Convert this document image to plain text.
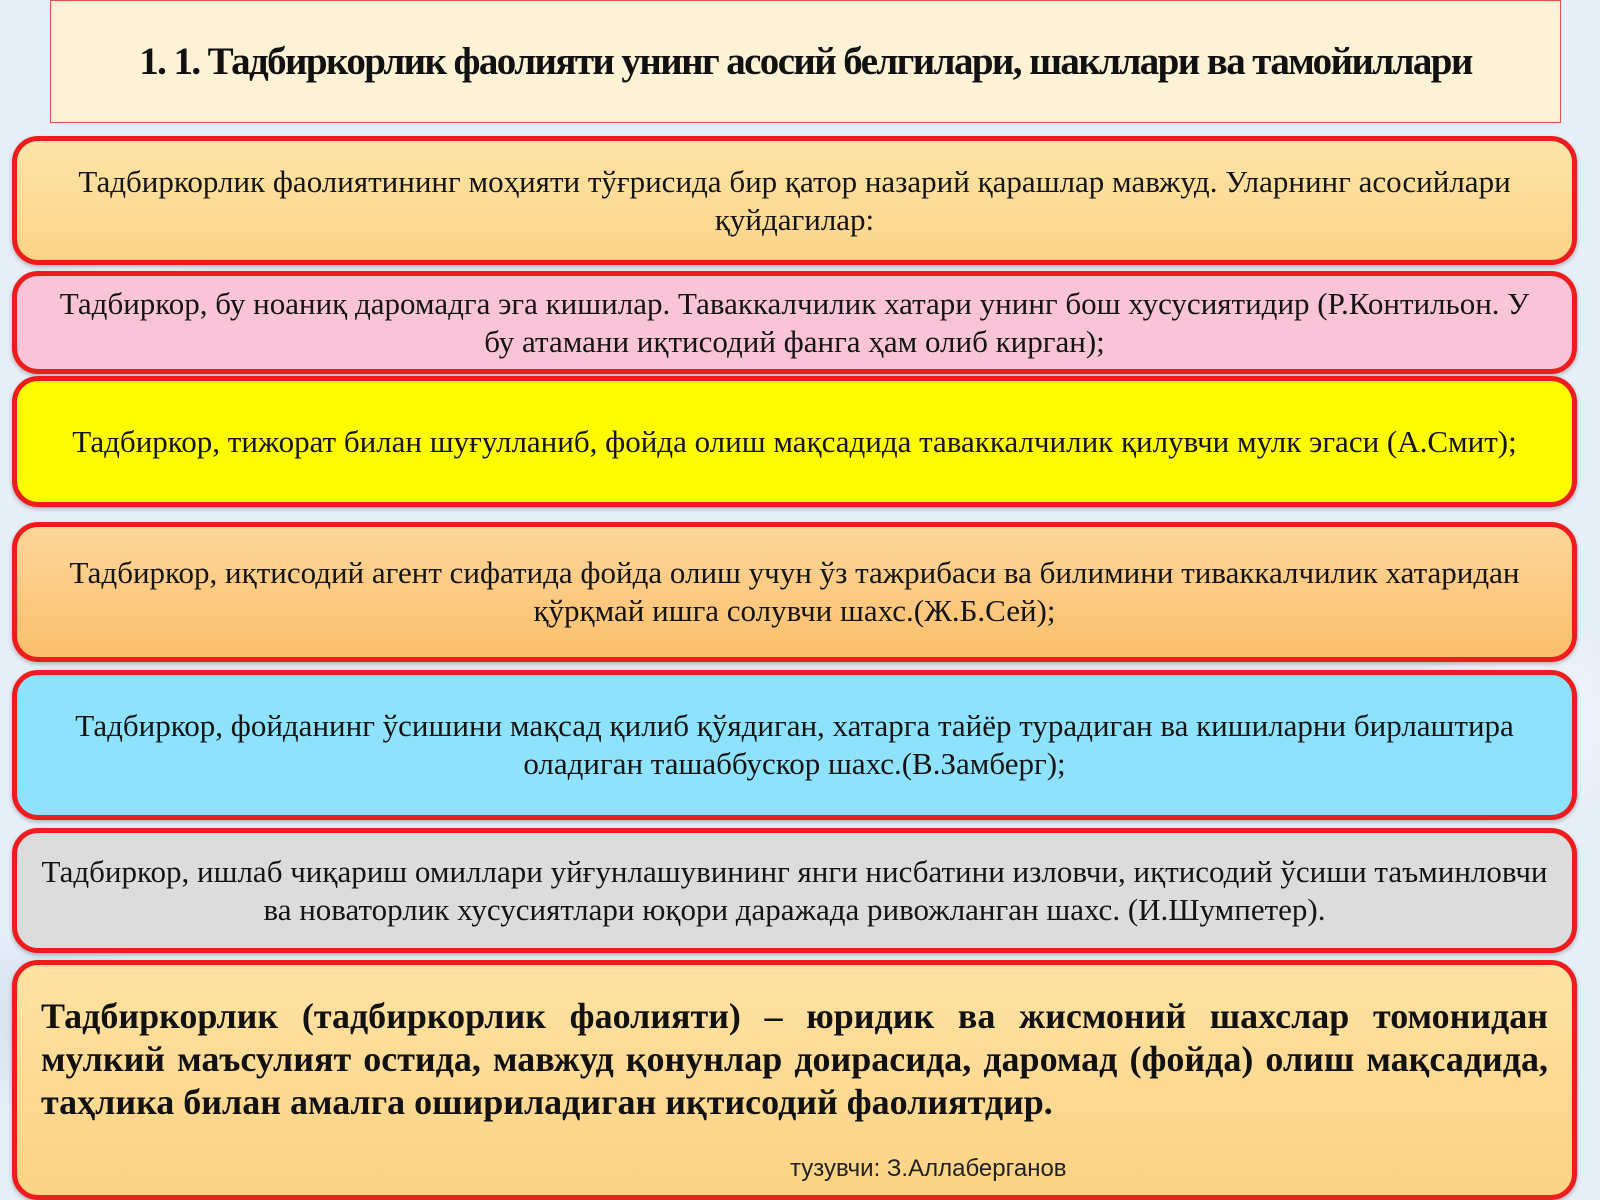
1. 1. Тадбиркорлик фаолияти унинг асосий белгилари, шакллари ва тамойиллари
Тадбиркорлик фаолиятининг моҳияти тўғрисида бир қатор назарий қарашлар мавжуд. Уларнинг асосийлари қуйдагилар:
Тадбиркор, бу ноаниқ даромадга эга кишилар. Таваккалчилик хатари унинг бош хусусиятидир (Р.Контильон. У бу атамани иқтисодий фанга ҳам олиб кирган);
Тадбиркор, тижорат билан шуғулланиб, фойда олиш мақсадида таваккалчилик қилувчи мулк эгаси (А.Смит);
Тадбиркор, иқтисодий агент сифатида фойда олиш учун ўз тажрибаси ва билимини тиваккалчилик хатаридан қўрқмай ишга солувчи шахс.(Ж.Б.Сей);
Тадбиркор, фойданинг ўсишини мақсад қилиб қўядиган, хатарга тайёр турадиган ва кишиларни бирлаштира оладиган ташаббускор шахс.(В.Замберг);
Тадбиркор, ишлаб чиқариш омиллари уйғунлашувининг янги нисбатини изловчи, иқтисодий ўсиши таъминловчи ва новаторлик хусусиятлари юқори даражада ривожланган шахс. (И.Шумпетер).
Тадбиркорлик (тадбиркорлик фаолияти) – юридик ва жисмоний шахслар томонидан мулкий маъсулият остида, мавжуд қонунлар доирасида, даромад (фойда) олиш мақсадида, таҳлика билан амалга ошириладиган иқтисодий фаолиятдир.
тузувчи: З.Аллаберганов
